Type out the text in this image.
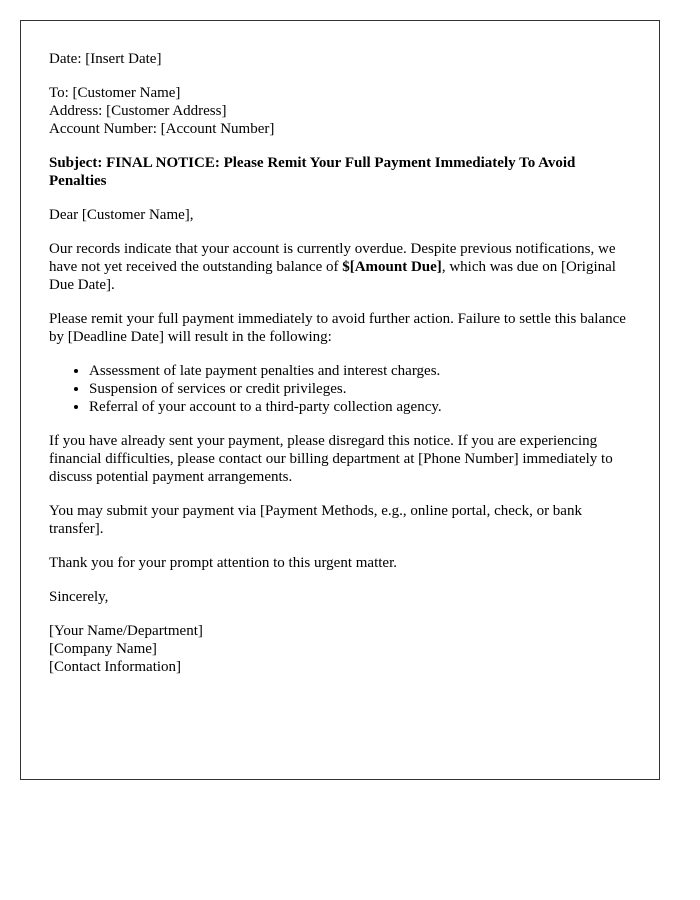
Date: [Insert Date]

To: [Customer Name]
Address: [Customer Address]
Account Number: [Account Number]

Subject: FINAL NOTICE: Please Remit Your Full Payment Immediately To Avoid Penalties

Dear [Customer Name],

Our records indicate that your account is currently overdue. Despite previous notifications, we have not yet received the outstanding balance of $[Amount Due], which was due on [Original Due Date].

Please remit your full payment immediately to avoid further action. Failure to settle this balance by [Deadline Date] will result in the following:

• Assessment of late payment penalties and interest charges.
• Suspension of services or credit privileges.
• Referral of your account to a third-party collection agency.

If you have already sent your payment, please disregard this notice. If you are experiencing financial difficulties, please contact our billing department at [Phone Number] immediately to discuss potential payment arrangements.

You may submit your payment via [Payment Methods, e.g., online portal, check, or bank transfer].

Thank you for your prompt attention to this urgent matter.

Sincerely,

[Your Name/Department]
[Company Name]
[Contact Information]
